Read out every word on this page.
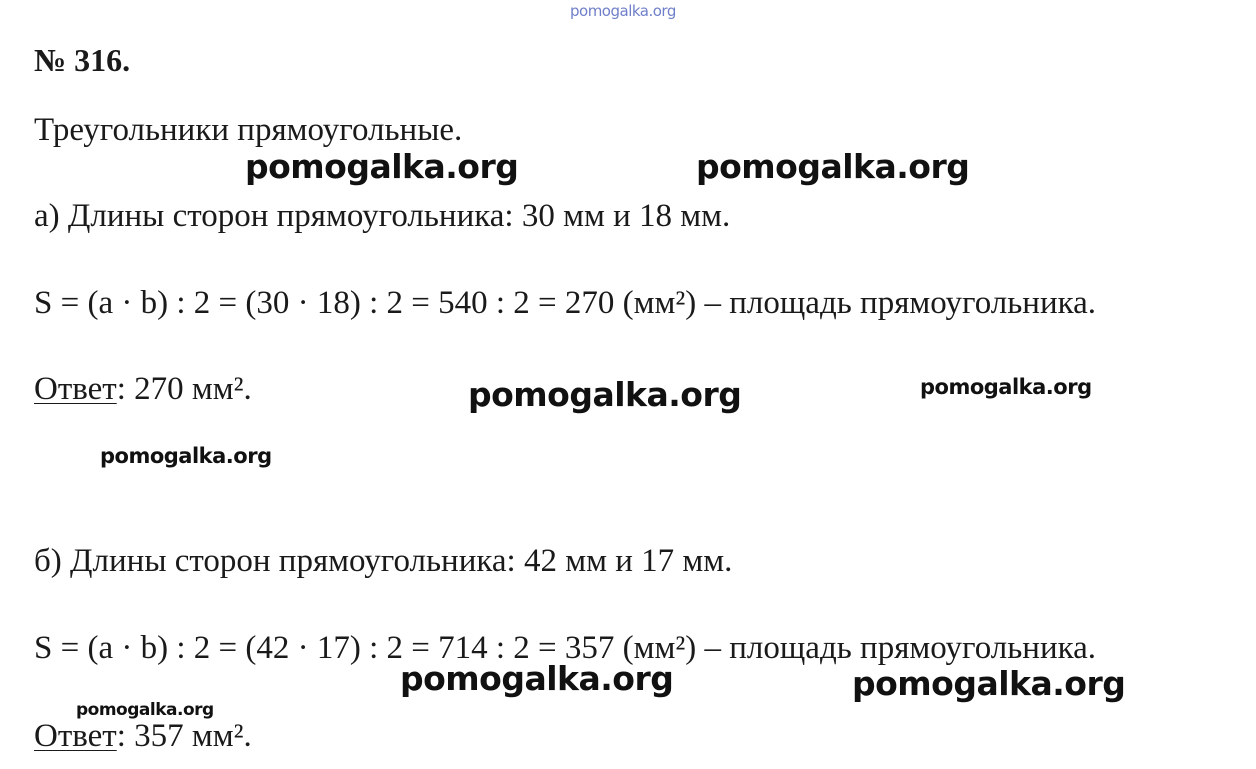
pomogalka.org
№ 316.
Треугольники прямоугольные.
pomogalka.org	pomogalka.org
а) Длины сторон прямоугольника: 30 мм и 18 мм.
S = (a · b) : 2 = (30 · 18) : 2 = 540 : 2 = 270 (мм²) – площадь прямоугольника.
Ответ: 270 мм².	pomogalka.org	pomogalka.org
pomogalka.org
б) Длины сторон прямоугольника: 42 мм и 17 мм.
S = (a · b) : 2 = (42 · 17) : 2 = 714 : 2 = 357 (мм²) – площадь прямоугольника.
pomogalka.org	pomogalka.org
pomogalka.org
Ответ: 357 мм².
